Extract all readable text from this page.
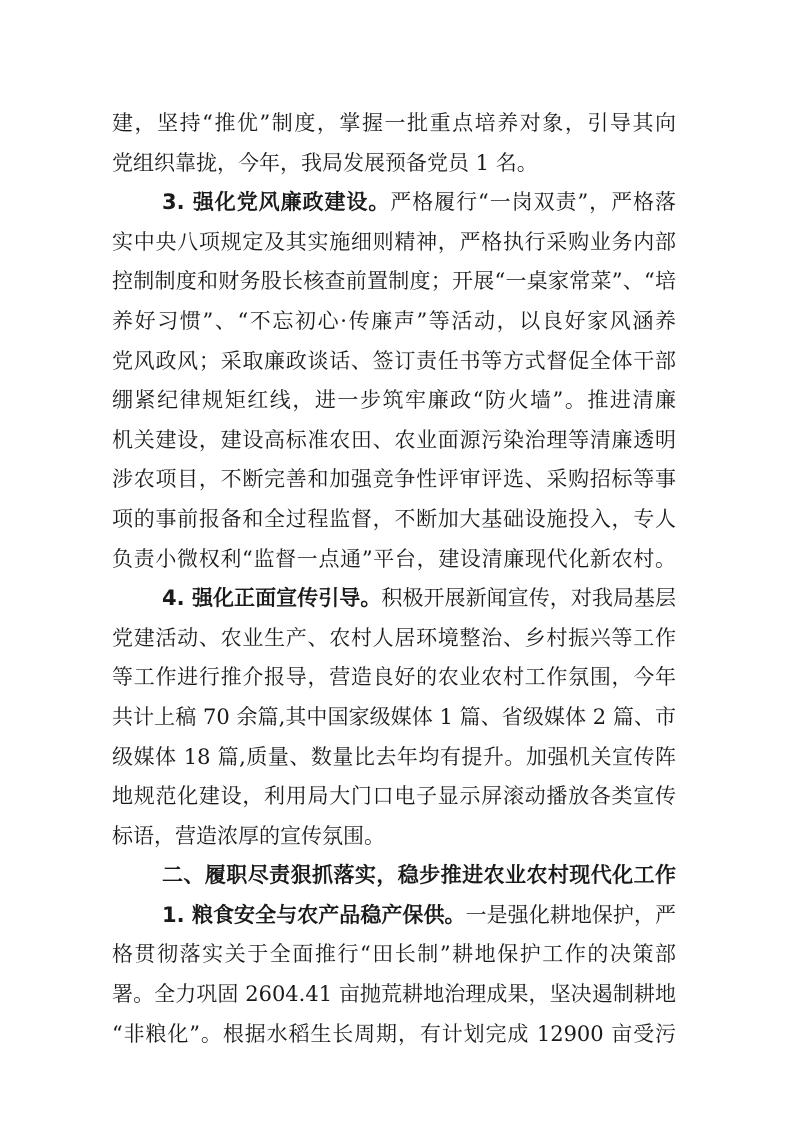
建，坚持“推优”制度，掌握一批重点培养对象，引导其向
党组织靠拢，今年，我局发展预备党员 1 名。
3. 强化党风廉政建设。严格履行“一岗双责”，严格落
实中央八项规定及其实施细则精神，严格执行采购业务内部
控制制度和财务股长核查前置制度；开展“一桌家常菜”、“培
养好习惯”、“不忘初心·传廉声”等活动，以良好家风涵养
党风政风；采取廉政谈话、签订责任书等方式督促全体干部
绷紧纪律规矩红线，进一步筑牢廉政“防火墙”。推进清廉
机关建设，建设高标准农田、农业面源污染治理等清廉透明
涉农项目，不断完善和加强竞争性评审评选、采购招标等事
项的事前报备和全过程监督，不断加大基础设施投入，专人
负责小微权利“监督一点通”平台，建设清廉现代化新农村。
4. 强化正面宣传引导。积极开展新闻宣传，对我局基层
党建活动、农业生产、农村人居环境整治、乡村振兴等工作
等工作进行推介报导，营造良好的农业农村工作氛围，今年
共计上稿 70 余篇,其中国家级媒体 1 篇、省级媒体 2 篇、市
级媒体 18 篇,质量、数量比去年均有提升。加强机关宣传阵
地规范化建设，利用局大门口电子显示屏滚动播放各类宣传
标语，营造浓厚的宣传氛围。
二、履职尽责狠抓落实，稳步推进农业农村现代化工作
1. 粮食安全与农产品稳产保供。一是强化耕地保护，严
格贯彻落实关于全面推行“田长制”耕地保护工作的决策部
署。全力巩固 2604.41 亩抛荒耕地治理成果，坚决遏制耕地
“非粮化”。根据水稻生长周期，有计划完成 12900 亩受污
